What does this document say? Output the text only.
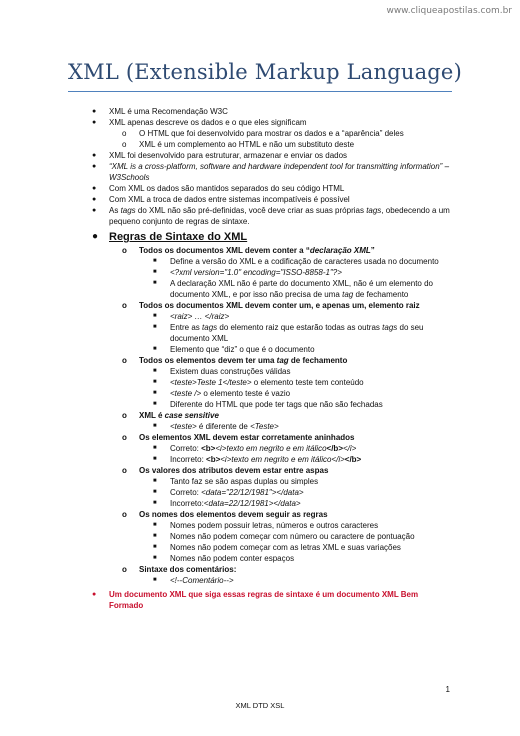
www.cliqueapostilas.com.br
XML (Extensible Markup Language)
● XML é uma Recomendação W3C
● XML apenas descreve os dados e o que eles significam
o O HTML que foi desenvolvido para mostrar os dados e a “aparência” deles
o XML é um complemento ao HTML e não um substituto deste
● XML foi desenvolvido para estruturar, armazenar e enviar os dados
● “XML is a cross-platform, software and hardware independent tool for transmitting information” – W3Schools
● Com XML os dados são mantidos separados do seu código HTML
● Com XML a troca de dados entre sistemas incompatíveis é possível
● As tags do XML não são pré-definidas, você deve criar as suas próprias tags, obedecendo a um pequeno conjunto de regras de sintaxe.
● Regras de Sintaxe do XML
o Todos os documentos XML devem conter a “declaração XML”
■ Define a versão do XML e a codificação de caracteres usada no documento
■ <?xml version="1.0" encoding="ISSO-8858-1"?>
■ A declaração XML não é parte do documento XML, não é um elemento do documento XML, e por isso não precisa de uma tag de fechamento
o Todos os documentos XML devem conter um, e apenas um, elemento raiz
■ <raiz> … </raiz>
■ Entre as tags do elemento raiz que estarão todas as outras tags do seu documento XML
■ Elemento que “diz” o que é o documento
o Todos os elementos devem ter uma tag de fechamento
■ Existem duas construções válidas
■ <teste>Teste 1</teste> o elemento teste tem conteúdo
■ <teste /> o elemento teste é vazio
■ Diferente do HTML que pode ter tags que não são fechadas
o XML é case sensitive
■ <teste> é diferente de <Teste>
o Os elementos XML devem estar corretamente aninhados
■ Correto: <b><i>texto em negrito e em itálico</b></i>
■ Incorreto: <b><i>texto em negrito e em itálico</i></b>
o Os valores dos atributos devem estar entre aspas
■ Tanto faz se são aspas duplas ou simples
■ Correto: <data="22/12/1981"></data>
■ Incorreto:<data=22/12/1981></data>
o Os nomes dos elementos devem seguir as regras
■ Nomes podem possuir letras, números e outros caracteres
■ Nomes não podem começar com número ou caractere de pontuação
■ Nomes não podem começar com as letras XML e suas variações
■ Nomes não podem conter espaços
o Sintaxe dos comentários:
■ <!--Comentário-->
● Um documento XML que siga essas regras de sintaxe é um documento XML Bem Formado
1
XML DTD XSL
